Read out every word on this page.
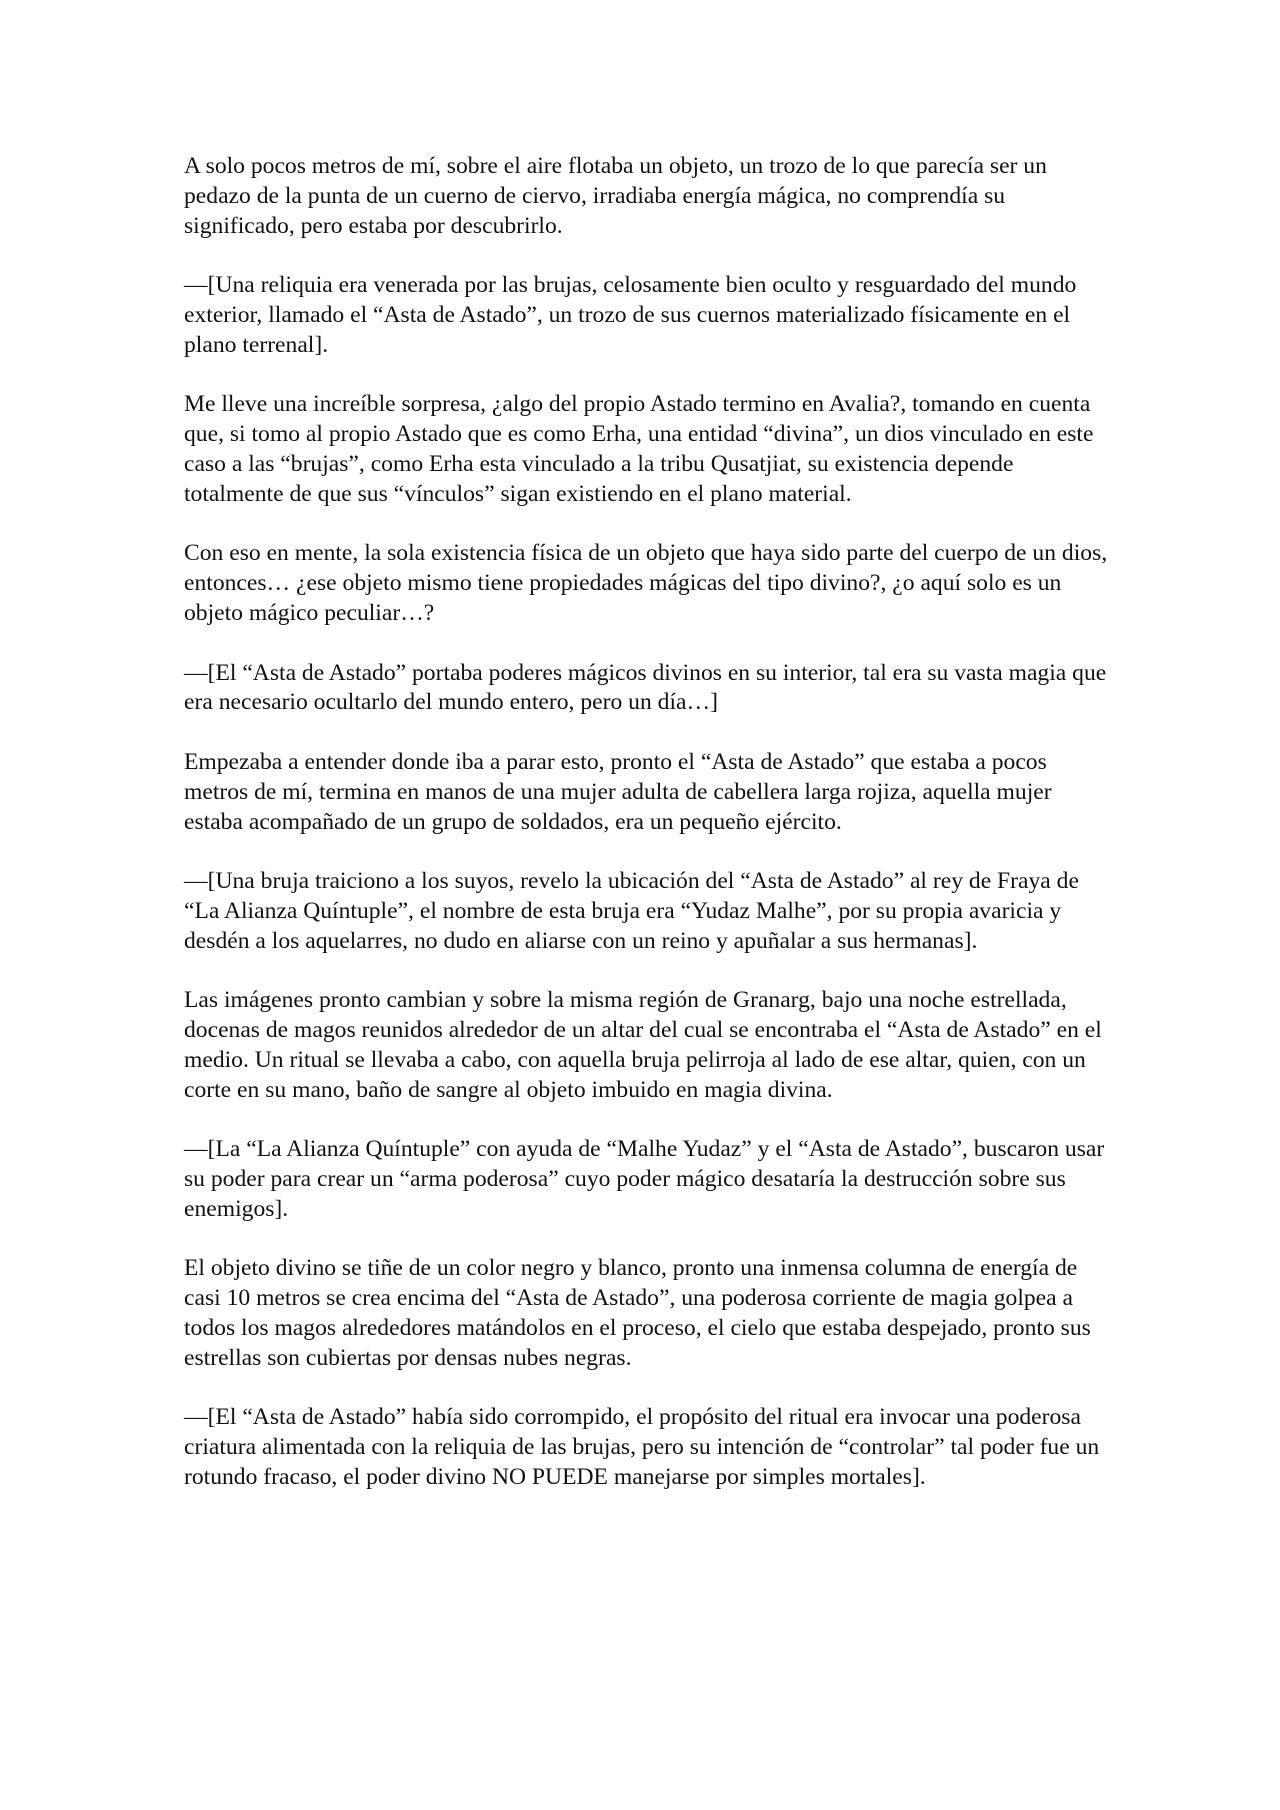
A solo pocos metros de mí, sobre el aire flotaba un objeto, un trozo de lo que parecía ser un pedazo de la punta de un cuerno de ciervo, irradiaba energía mágica, no comprendía su significado, pero estaba por descubrirlo.

—[Una reliquia era venerada por las brujas, celosamente bien oculto y resguardado del mundo exterior, llamado el “Asta de Astado”, un trozo de sus cuernos materializado físicamente en el plano terrenal].

Me lleve una increíble sorpresa, ¿algo del propio Astado termino en Avalia?, tomando en cuenta que, si tomo al propio Astado que es como Erha, una entidad “divina”, un dios vinculado en este caso a las “brujas”, como Erha esta vinculado a la tribu Qusatjiat, su existencia depende totalmente de que sus “vínculos” sigan existiendo en el plano material.

Con eso en mente, la sola existencia física de un objeto que haya sido parte del cuerpo de un dios, entonces… ¿ese objeto mismo tiene propiedades mágicas del tipo divino?, ¿o aquí solo es un objeto mágico peculiar…?

—[El “Asta de Astado” portaba poderes mágicos divinos en su interior, tal era su vasta magia que era necesario ocultarlo del mundo entero, pero un día…]

Empezaba a entender donde iba a parar esto, pronto el “Asta de Astado” que estaba a pocos metros de mí, termina en manos de una mujer adulta de cabellera larga rojiza, aquella mujer estaba acompañado de un grupo de soldados, era un pequeño ejército.

—[Una bruja traiciono a los suyos, revelo la ubicación del “Asta de Astado” al rey de Fraya de “La Alianza Quíntuple”, el nombre de esta bruja era “Yudaz Malhe”, por su propia avaricia y desdén a los aquelarres, no dudo en aliarse con un reino y apuñalar a sus hermanas].

Las imágenes pronto cambian y sobre la misma región de Granarg, bajo una noche estrellada, docenas de magos reunidos alrededor de un altar del cual se encontraba el “Asta de Astado” en el medio. Un ritual se llevaba a cabo, con aquella bruja pelirroja al lado de ese altar, quien, con un corte en su mano, baño de sangre al objeto imbuido en magia divina.

—[La “La Alianza Quíntuple” con ayuda de “Malhe Yudaz” y el “Asta de Astado”, buscaron usar su poder para crear un “arma poderosa” cuyo poder mágico desataría la destrucción sobre sus enemigos].

El objeto divino se tiñe de un color negro y blanco, pronto una inmensa columna de energía de casi 10 metros se crea encima del “Asta de Astado”, una poderosa corriente de magia golpea a todos los magos alrededores matándolos en el proceso, el cielo que estaba despejado, pronto sus estrellas son cubiertas por densas nubes negras.

—[El “Asta de Astado” había sido corrompido, el propósito del ritual era invocar una poderosa criatura alimentada con la reliquia de las brujas, pero su intención de “controlar” tal poder fue un rotundo fracaso, el poder divino NO PUEDE manejarse por simples mortales].
